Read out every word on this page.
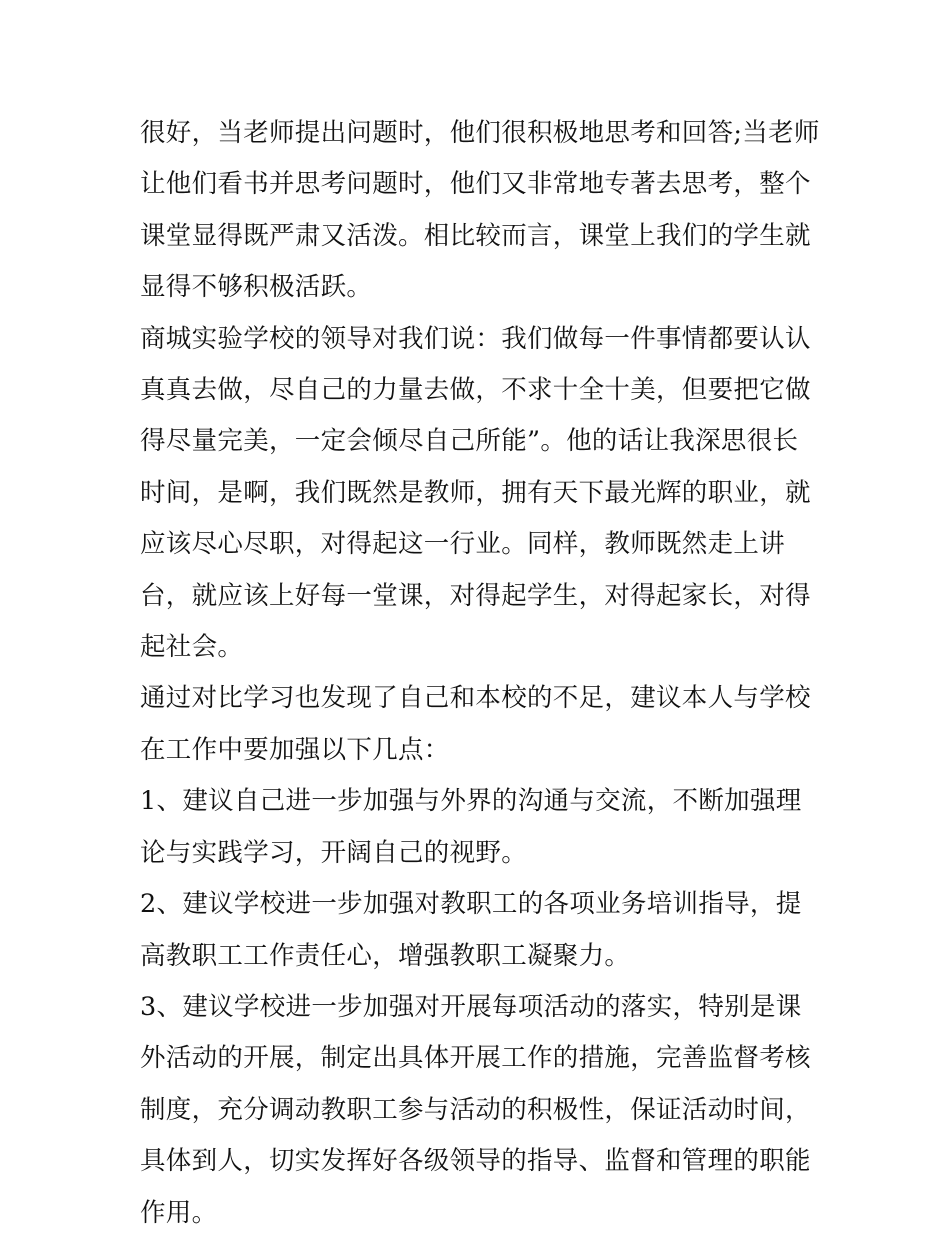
很好，当老师提出问题时，他们很积极地思考和回答;当老师让他们看书并思考问题时，他们又非常地专著去思考，整个课堂显得既严肃又活泼。相比较而言，课堂上我们的学生就显得不够积极活跃。

商城实验学校的领导对我们说：我们做每一件事情都要认认真真去做，尽自己的力量去做，不求十全十美，但要把它做得尽量完美，一定会倾尽自己所能”。他的话让我深思很长时间，是啊，我们既然是教师，拥有天下最光辉的职业，就应该尽心尽职，对得起这一行业。同样，教师既然走上讲台，就应该上好每一堂课，对得起学生，对得起家长，对得起社会。

通过对比学习也发现了自己和本校的不足，建议本人与学校在工作中要加强以下几点：

1、建议自己进一步加强与外界的沟通与交流，不断加强理论与实践学习，开阔自己的视野。

2、建议学校进一步加强对教职工的各项业务培训指导，提高教职工工作责任心，增强教职工凝聚力。

3、建议学校进一步加强对开展每项活动的落实，特别是课外活动的开展，制定出具体开展工作的措施，完善监督考核制度，充分调动教职工参与活动的积极性，保证活动时间，具体到人，切实发挥好各级领导的指导、监督和管理的职能作用。
